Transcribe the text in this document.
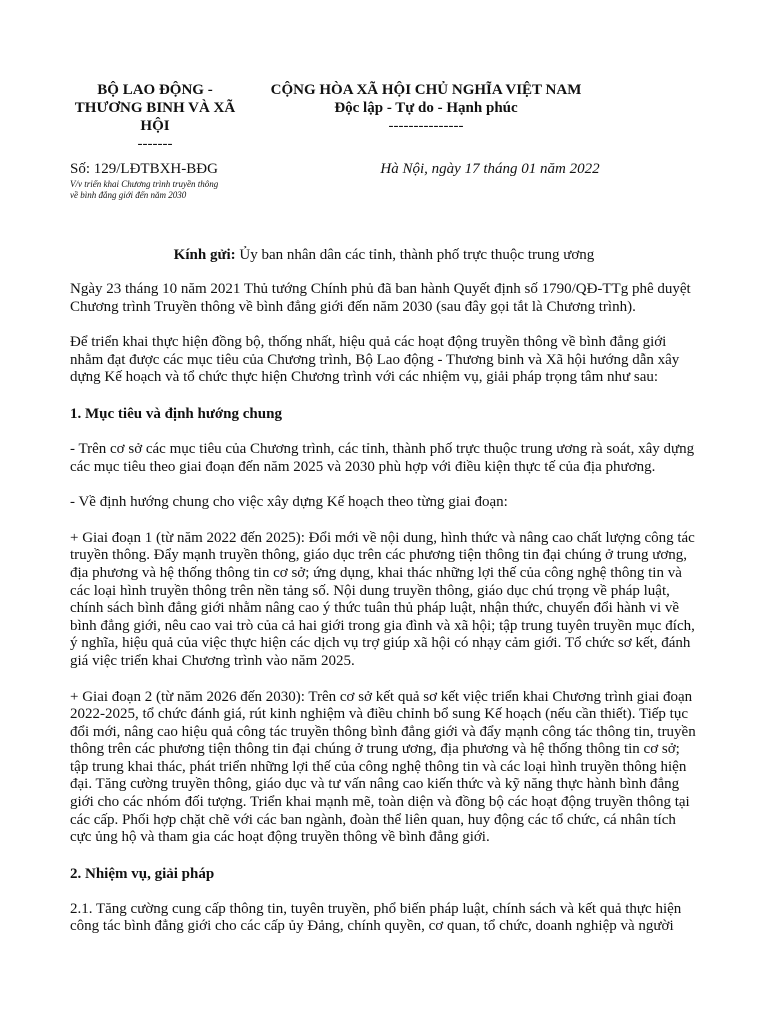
BỘ LAO ĐỘNG -
THƯƠNG BINH VÀ XÃ
HỘI
-------
CỘNG HÒA XÃ HỘI CHỦ NGHĨA VIỆT NAM
Độc lập - Tự do - Hạnh phúc
---------------
Số: 129/LĐTBXH-BĐG
V/v triển khai Chương trình truyền thông
về bình đẳng giới đến năm 2030
Hà Nội, ngày 17 tháng 01 năm 2022
Kính gửi: Ủy ban nhân dân các tỉnh, thành phố trực thuộc trung ương

Ngày 23 tháng 10 năm 2021 Thủ tướng Chính phủ đã ban hành Quyết định số 1790/QĐ-TTg phê duyệt Chương trình Truyền thông về bình đẳng giới đến năm 2030 (sau đây gọi tắt là Chương trình).

Để triển khai thực hiện đồng bộ, thống nhất, hiệu quả các hoạt động truyền thông về bình đẳng giới nhằm đạt được các mục tiêu của Chương trình, Bộ Lao động - Thương binh và Xã hội hướng dẫn xây dựng Kế hoạch và tổ chức thực hiện Chương trình với các nhiệm vụ, giải pháp trọng tâm như sau:

1. Mục tiêu và định hướng chung

- Trên cơ sở các mục tiêu của Chương trình, các tỉnh, thành phố trực thuộc trung ương rà soát, xây dựng các mục tiêu theo giai đoạn đến năm 2025 và 2030 phù hợp với điều kiện thực tế của địa phương.

- Về định hướng chung cho việc xây dựng Kế hoạch theo từng giai đoạn:

+ Giai đoạn 1 (từ năm 2022 đến 2025): Đổi mới về nội dung, hình thức và nâng cao chất lượng công tác truyền thông. Đẩy mạnh truyền thông, giáo dục trên các phương tiện thông tin đại chúng ở trung ương, địa phương và hệ thống thông tin cơ sở; ứng dụng, khai thác những lợi thế của công nghệ thông tin và các loại hình truyền thông trên nền tảng số. Nội dung truyền thông, giáo dục chú trọng về pháp luật, chính sách bình đẳng giới nhằm nâng cao ý thức tuân thủ pháp luật, nhận thức, chuyển đổi hành vi về bình đẳng giới, nêu cao vai trò của cả hai giới trong gia đình và xã hội; tập trung tuyên truyền mục đích, ý nghĩa, hiệu quả của việc thực hiện các dịch vụ trợ giúp xã hội có nhạy cảm giới. Tổ chức sơ kết, đánh giá việc triển khai Chương trình vào năm 2025.

+ Giai đoạn 2 (từ năm 2026 đến 2030): Trên cơ sở kết quả sơ kết việc triển khai Chương trình giai đoạn 2022-2025, tổ chức đánh giá, rút kinh nghiệm và điều chỉnh bổ sung Kế hoạch (nếu cần thiết). Tiếp tục đổi mới, nâng cao hiệu quả công tác truyền thông bình đẳng giới và đẩy mạnh công tác thông tin, truyền thông trên các phương tiện thông tin đại chúng ở trung ương, địa phương và hệ thống thông tin cơ sở; tập trung khai thác, phát triển những lợi thế của công nghệ thông tin và các loại hình truyền thông hiện đại. Tăng cường truyền thông, giáo dục và tư vấn nâng cao kiến thức và kỹ năng thực hành bình đẳng giới cho các nhóm đối tượng. Triển khai mạnh mẽ, toàn diện và đồng bộ các hoạt động truyền thông tại các cấp. Phối hợp chặt chẽ với các ban ngành, đoàn thể liên quan, huy động các tổ chức, cá nhân tích cực ủng hộ và tham gia các hoạt động truyền thông về bình đẳng giới.

2. Nhiệm vụ, giải pháp

2.1. Tăng cường cung cấp thông tin, tuyên truyền, phổ biến pháp luật, chính sách và kết quả thực hiện công tác bình đẳng giới cho các cấp ủy Đảng, chính quyền, cơ quan, tổ chức, doanh nghiệp và người
